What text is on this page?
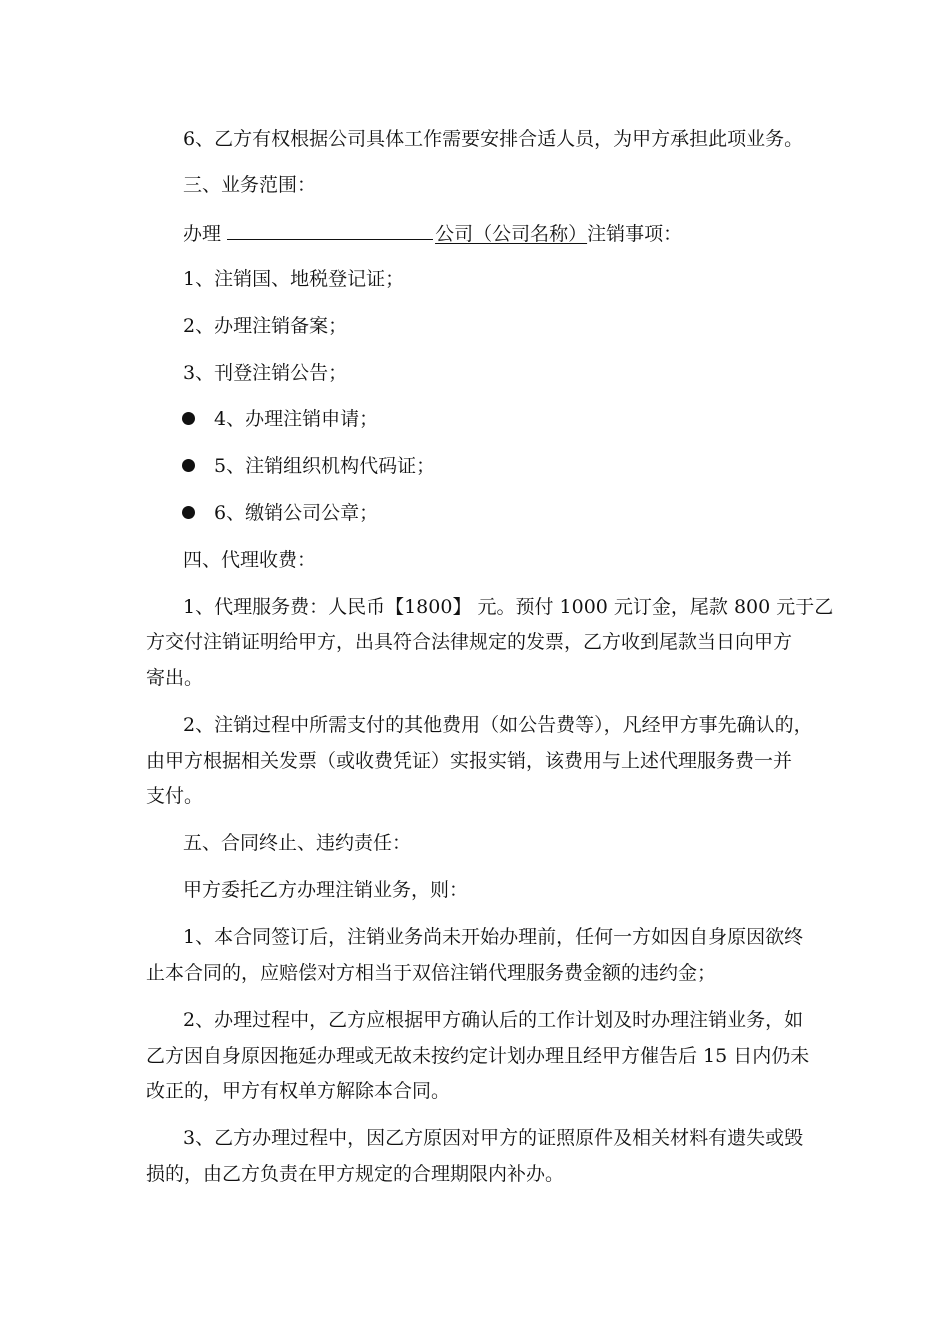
6、乙方有权根据公司具体工作需要安排合适人员，为甲方承担此项业务。
三、业务范围：
办理	公司（公司名称）注销事项：
1、注销国、地税登记证；
2、办理注销备案；
3、刊登注销公告；
4、办理注销申请；
5、注销组织机构代码证；
6、缴销公司公章；
四、代理收费：
1、代理服务费：人民币【1800】 元。预付 1000 元订金，尾款 800 元于乙
方交付注销证明给甲方，出具符合法律规定的发票，乙方收到尾款当日向甲方
寄出。
2、注销过程中所需支付的其他费用（如公告费等），凡经甲方事先确认的，
由甲方根据相关发票（或收费凭证）实报实销，该费用与上述代理服务费一并
支付。
五、合同终止、违约责任：
甲方委托乙方办理注销业务，则：
1、本合同签订后，注销业务尚未开始办理前，任何一方如因自身原因欲终
止本合同的，应赔偿对方相当于双倍注销代理服务费金额的违约金；
2、办理过程中，乙方应根据甲方确认后的工作计划及时办理注销业务，如
乙方因自身原因拖延办理或无故未按约定计划办理且经甲方催告后 15 日内仍未
改正的，甲方有权单方解除本合同。
3、乙方办理过程中，因乙方原因对甲方的证照原件及相关材料有遗失或毁
损的，由乙方负责在甲方规定的合理期限内补办。
